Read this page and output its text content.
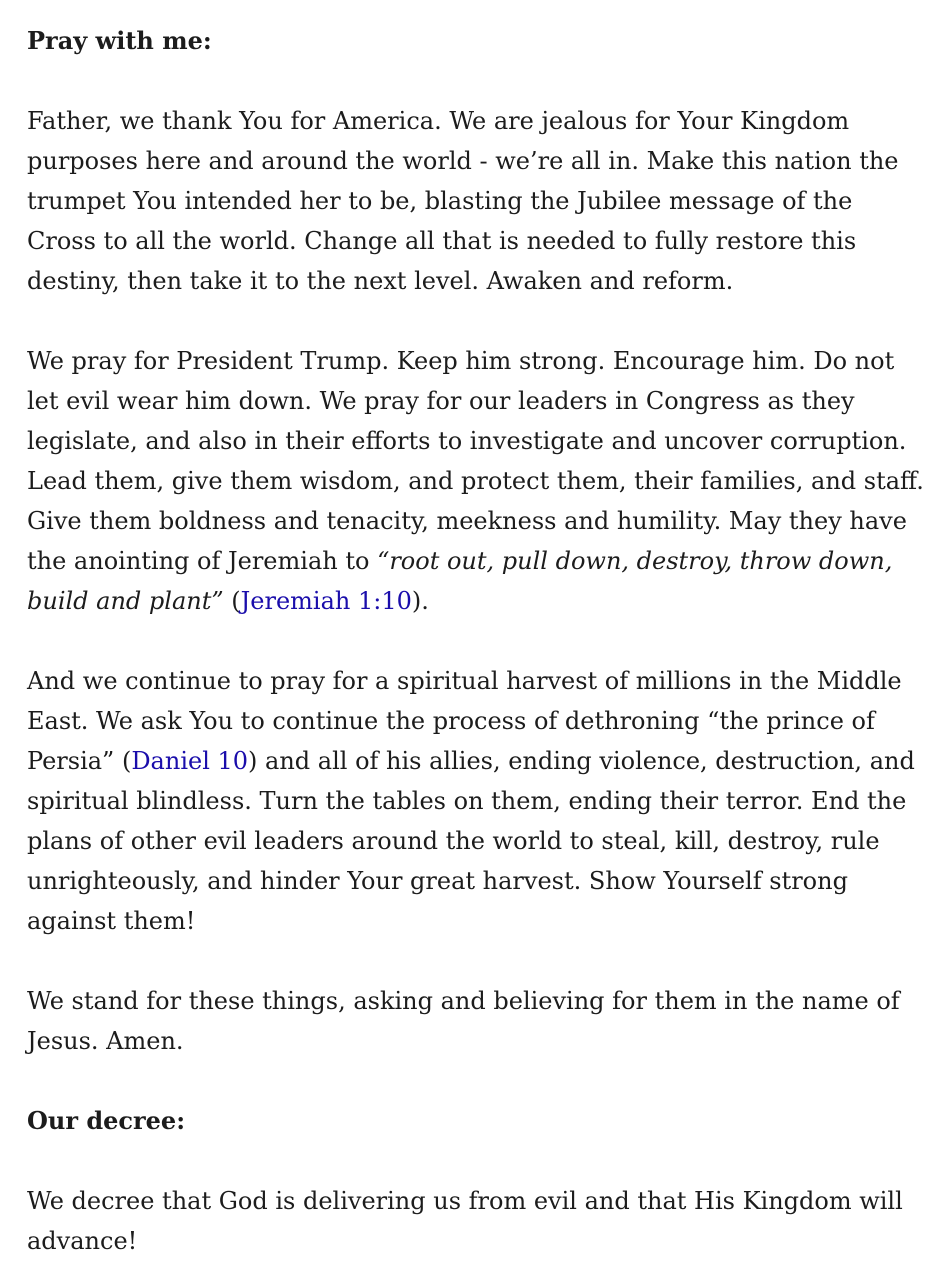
Pray with me:

Father, we thank You for America. We are jealous for Your Kingdom purposes here and around the world - we’re all in. Make this nation the trumpet You intended her to be, blasting the Jubilee message of the Cross to all the world. Change all that is needed to fully restore this destiny, then take it to the next level. Awaken and reform.

We pray for President Trump. Keep him strong. Encourage him. Do not let evil wear him down. We pray for our leaders in Congress as they legislate, and also in their efforts to investigate and uncover corruption. Lead them, give them wisdom, and protect them, their families, and staff. Give them boldness and tenacity, meekness and humility. May they have the anointing of Jeremiah to “root out, pull down, destroy, throw down, build and plant” (Jeremiah 1:10).

And we continue to pray for a spiritual harvest of millions in the Middle East. We ask You to continue the process of dethroning “the prince of Persia” (Daniel 10) and all of his allies, ending violence, destruction, and spiritual blindless. Turn the tables on them, ending their terror. End the plans of other evil leaders around the world to steal, kill, destroy, rule unrighteously, and hinder Your great harvest. Show Yourself strong against them!

We stand for these things, asking and believing for them in the name of Jesus. Amen.

Our decree:

We decree that God is delivering us from evil and that His Kingdom will advance!
